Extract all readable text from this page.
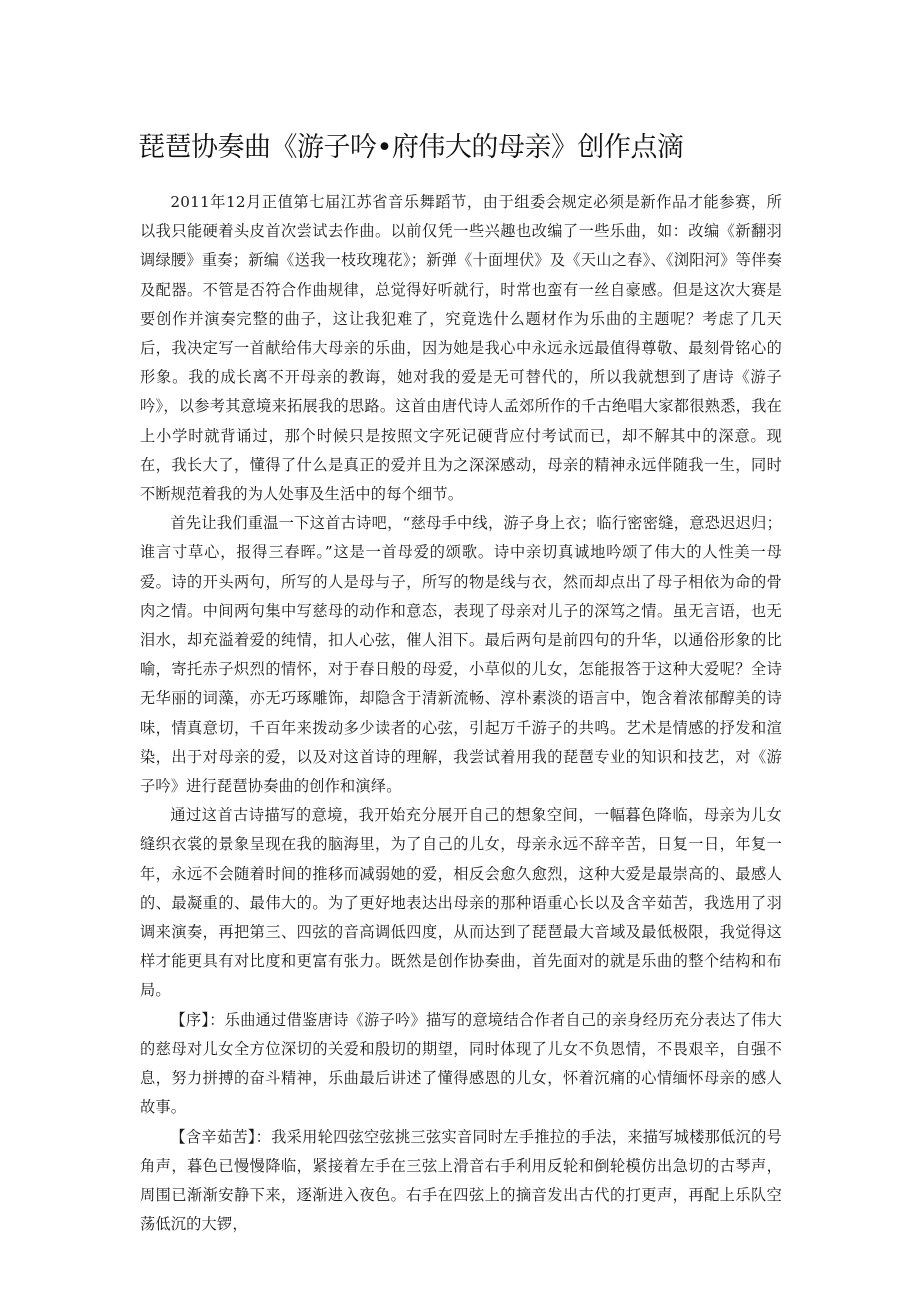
琵琶协奏曲《游子吟•府伟大的母亲》创作点滴

2011年12月正值第七届江苏省音乐舞蹈节，由于组委会规定必须是新作品才能参赛，所以我只能硬着头皮首次尝试去作曲。以前仅凭一些兴趣也改编了一些乐曲，如：改编《新翻羽调绿腰》重奏；新编《送我一枝玫瑰花》；新弹《十面埋伏》及《天山之春》、《浏阳河》等伴奏及配器。不管是否符合作曲规律，总觉得好听就行，时常也蛮有一丝自豪感。但是这次大赛是要创作并演奏完整的曲子，这让我犯难了，究竟选什么题材作为乐曲的主题呢？考虑了几天后，我决定写一首献给伟大母亲的乐曲，因为她是我心中永远永远最值得尊敬、最刻骨铭心的形象。我的成长离不开母亲的教诲，她对我的爱是无可替代的，所以我就想到了唐诗《游子吟》，以参考其意境来拓展我的思路。这首由唐代诗人孟郊所作的千古绝唱大家都很熟悉，我在上小学时就背诵过，那个时候只是按照文字死记硬背应付考试而已，却不解其中的深意。现在，我长大了，懂得了什么是真正的爱并且为之深深感动，母亲的精神永远伴随我一生，同时不断规范着我的为人处事及生活中的每个细节。

首先让我们重温一下这首古诗吧，“慈母手中线，游子身上衣；临行密密缝，意恐迟迟归；谁言寸草心，报得三春晖。”这是一首母爱的颂歌。诗中亲切真诚地吟颂了伟大的人性美一母爱。诗的开头两句，所写的人是母与子，所写的物是线与衣，然而却点出了母子相依为命的骨肉之情。中间两句集中写慈母的动作和意态，表现了母亲对儿子的深笃之情。虽无言语，也无泪水，却充溢着爱的纯情，扣人心弦，催人泪下。最后两句是前四句的升华，以通俗形象的比喻，寄托赤子炽烈的情怀，对于春日般的母爱，小草似的儿女，怎能报答于这种大爱呢？全诗无华丽的词藻，亦无巧琢雕饰，却隐含于清新流畅、淳朴素淡的语言中，饱含着浓郁醇美的诗味，情真意切，千百年来拨动多少读者的心弦，引起万千游子的共鸣。艺术是情感的抒发和渲染，出于对母亲的爱，以及对这首诗的理解，我尝试着用我的琵琶专业的知识和技艺，对《游子吟》进行琵琶协奏曲的创作和演绎。

通过这首古诗描写的意境，我开始充分展开自己的想象空间，一幅暮色降临，母亲为儿女缝织衣裳的景象呈现在我的脑海里，为了自己的儿女，母亲永远不辞辛苦，日复一日，年复一年，永远不会随着时间的推移而减弱她的爱，相反会愈久愈烈，这种大爱是最崇高的、最感人的、最凝重的、最伟大的。为了更好地表达出母亲的那种语重心长以及含辛茹苦，我选用了羽调来演奏，再把第三、四弦的音高调低四度，从而达到了琵琶最大音域及最低极限，我觉得这样才能更具有对比度和更富有张力。既然是创作协奏曲，首先面对的就是乐曲的整个结构和布局。

【序】：乐曲通过借鉴唐诗《游子吟》描写的意境结合作者自己的亲身经历充分表达了伟大的慈母对儿女全方位深切的关爱和殷切的期望，同时体现了儿女不负恩情，不畏艰辛，自强不息，努力拼搏的奋斗精神，乐曲最后讲述了懂得感恩的儿女，怀着沉痛的心情缅怀母亲的感人故事。

【含辛茹苦】：我采用轮四弦空弦挑三弦实音同时左手推拉的手法，来描写城楼那低沉的号角声，暮色已慢慢降临，紧接着左手在三弦上滑音右手利用反轮和倒轮模仿出急切的古琴声，周围已渐渐安静下来，逐渐进入夜色。右手在四弦上的摘音发出古代的打更声，再配上乐队空荡低沉的大锣，
